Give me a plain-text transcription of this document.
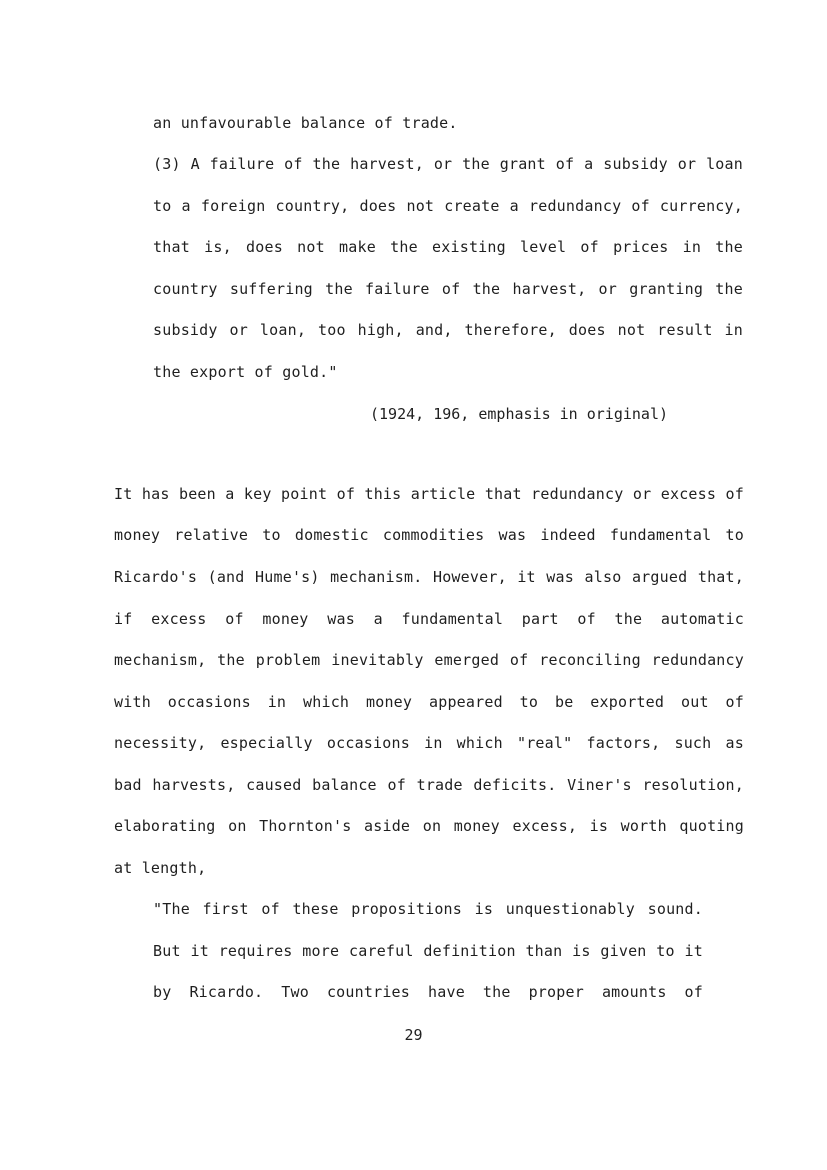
an unfavourable balance of trade.
(3) A failure of the harvest, or the grant of a subsidy or loan
to a foreign country, does not create a redundancy of currency,
that is, does not make the existing level of prices in the
country suffering the failure of the harvest, or granting the
subsidy or loan, too high, and, therefore, does not result in
the export of gold."
(1924, 196, emphasis in original)
It has been a key point of this article that redundancy or excess of
money relative to domestic commodities was indeed fundamental to
Ricardo's (and Hume's) mechanism. However, it was also argued that,
if excess of money was a fundamental part of the automatic
mechanism, the problem inevitably emerged of reconciling redundancy
with occasions in which money appeared to be exported out of
necessity, especially occasions in which "real" factors, such as
bad harvests, caused balance of trade deficits. Viner's resolution,
elaborating on Thornton's aside on money excess, is worth quoting
at length,
"The first of these propositions is unquestionably sound.
But it requires more careful definition than is given to it
by Ricardo. Two countries have the proper amounts of
29
